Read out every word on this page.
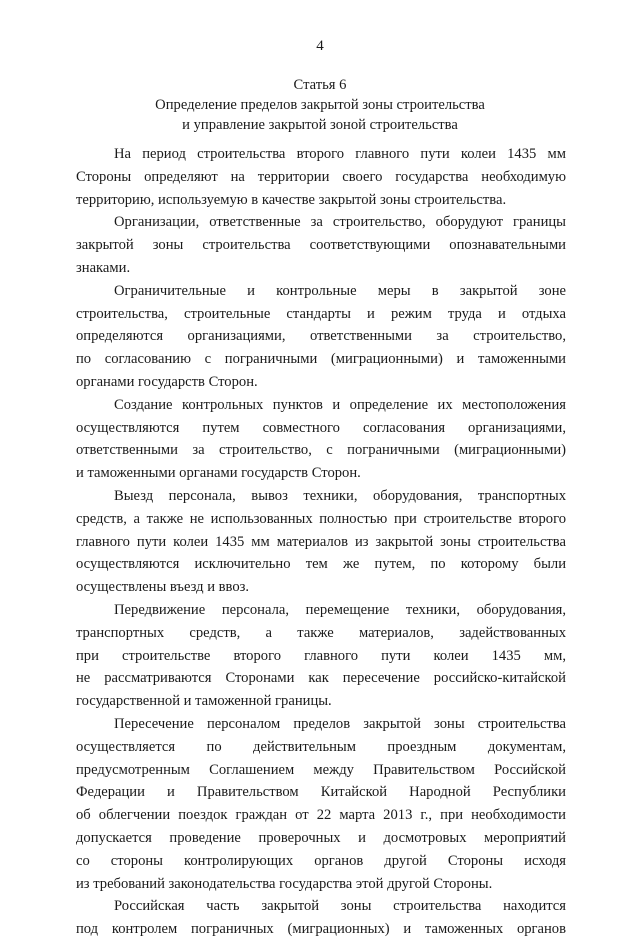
4
Статья 6
Определение пределов закрытой зоны строительства
и управление закрытой зоной строительства
На период строительства второго главного пути колеи 1435 мм
Стороны определяют на территории своего государства необходимую
территорию, используемую в качестве закрытой зоны строительства.
Организации, ответственные за строительство, оборудуют границы
закрытой зоны строительства соответствующими опознавательными
знаками.
Ограничительные и контрольные меры в закрытой зоне
строительства, строительные стандарты и режим труда и отдыха
определяются организациями, ответственными за строительство,
по согласованию с пограничными (миграционными) и таможенными
органами государств Сторон.
Создание контрольных пунктов и определение их местоположения
осуществляются путем совместного согласования организациями,
ответственными за строительство, с пограничными (миграционными)
и таможенными органами государств Сторон.
Выезд персонала, вывоз техники, оборудования, транспортных
средств, а также не использованных полностью при строительстве второго
главного пути колеи 1435 мм материалов из закрытой зоны строительства
осуществляются исключительно тем же путем, по которому были
осуществлены въезд и ввоз.
Передвижение персонала, перемещение техники, оборудования,
транспортных средств, а также материалов, задействованных
при строительстве второго главного пути колеи 1435 мм,
не рассматриваются Сторонами как пересечение российско-китайской
государственной и таможенной границы.
Пересечение персоналом пределов закрытой зоны строительства
осуществляется по действительным проездным документам,
предусмотренным Соглашением между Правительством Российской
Федерации и Правительством Китайской Народной Республики
об облегчении поездок граждан от 22 марта 2013 г., при необходимости
допускается проведение проверочных и досмотровых мероприятий
со стороны контролирующих органов другой Стороны исходя
из требований законодательства государства этой другой Стороны.
Российская часть закрытой зоны строительства находится
под контролем пограничных (миграционных) и таможенных органов
